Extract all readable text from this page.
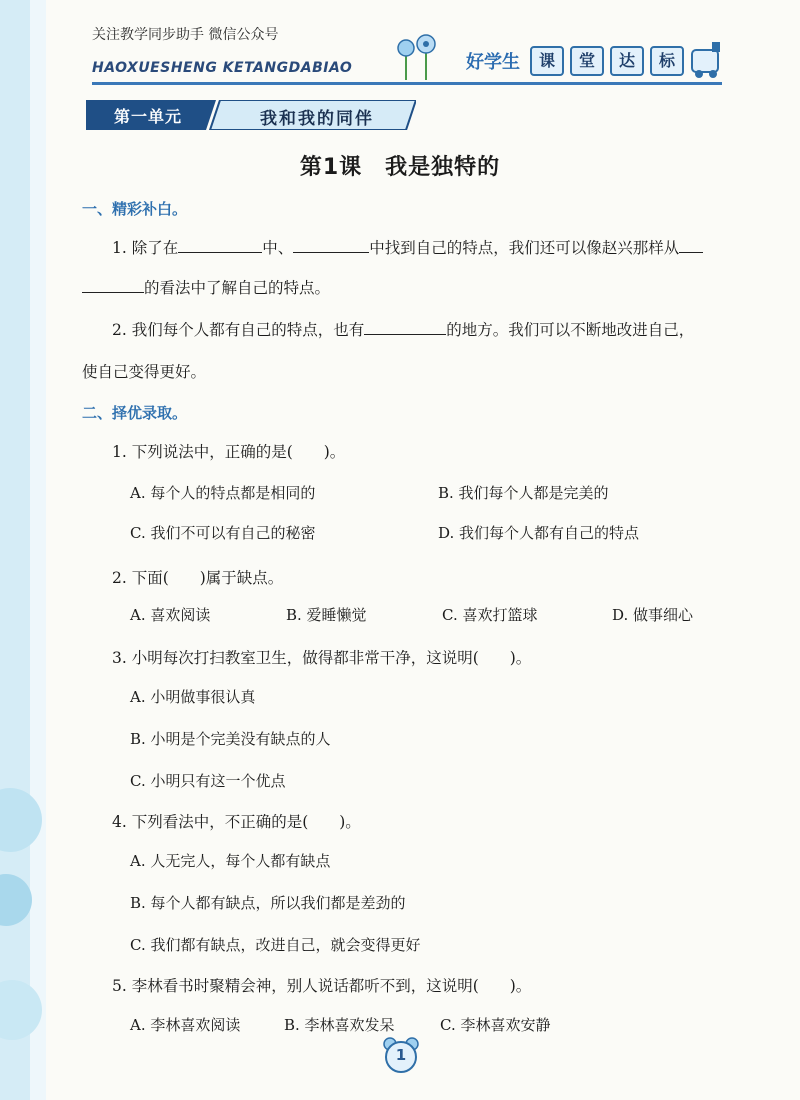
关注教学同步助手 微信公众号
HAOXUESHENG KETANGDABIAO	好学生	课	堂	达	标
第一单元	我和我的同伴
第1课　我是独特的
一、精彩补白。
1. 除了在	中、	中找到自己的特点，我们还可以像赵兴那样从
的看法中了解自己的特点。
2. 我们每个人都有自己的特点，也有	的地方。我们可以不断地改进自己，
使自己变得更好。
二、择优录取。
1. 下列说法中，正确的是(　　)。
A. 每个人的特点都是相同的	B. 我们每个人都是完美的
C. 我们不可以有自己的秘密	D. 我们每个人都有自己的特点
2. 下面(　　)属于缺点。
A. 喜欢阅读	B. 爱睡懒觉	C. 喜欢打篮球	D. 做事细心
3. 小明每次打扫教室卫生，做得都非常干净，这说明(　　)。
A. 小明做事很认真
B. 小明是个完美没有缺点的人
C. 小明只有这一个优点
4. 下列看法中，不正确的是(　　)。
A. 人无完人，每个人都有缺点
B. 每个人都有缺点，所以我们都是差劲的
C. 我们都有缺点，改进自己，就会变得更好
5. 李林看书时聚精会神，别人说话都听不到，这说明(　　)。
A. 李林喜欢阅读	B. 李林喜欢发呆	C. 李林喜欢安静
1
